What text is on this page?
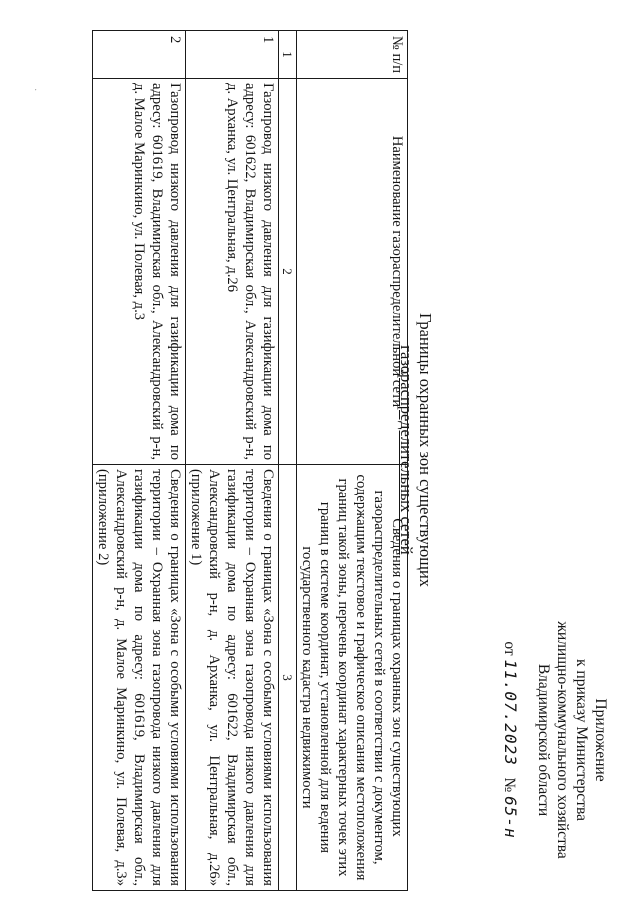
·
Приложение
к приказу Министерства
жилищно-коммунального хозяйства
Владимирской области
от 11.07.2023   № 65-н
Границы охранных зон существующих
газораспределительных сетей
№ п/п	Наименование газораспределительной сети	Сведения о границах охранных зон существующих газораспределительных сетей в соответствии с документом, содержащим текстовое и графическое описания местоположения границ такой зоны, перечень координат характерных точек этих границ в системе координат, установленной для ведения государственного кадастра недвижимости
1	2	3
1	Газопровод низкого давления для газификации дома по адресу: 601622, Владимирская обл., Александровский р-н, д. Арханка, ул. Центральная, д.26	Сведения о границах «Зона с особыми условиями использования территории – Охранная зона газопровода низкого давления для газификации дома по адресу: 601622, Владимирская обл., Александровский р-н, д. Арханка, ул. Центральная, д.26» (приложение 1)
2	Газопровод низкого давления для газификации дома по адресу: 601619, Владимирская обл., Александровский р-н, д. Малое Маринкино, ул. Полевая, д.3	Сведения о границах «Зона с особыми условиями использования территории – Охранная зона газопровода низкого давления для газификации дома по адресу: 601619, Владимирская обл., Александровский р-н, д. Малое Маринкино, ул. Полевая, д.3» (приложение 2)
